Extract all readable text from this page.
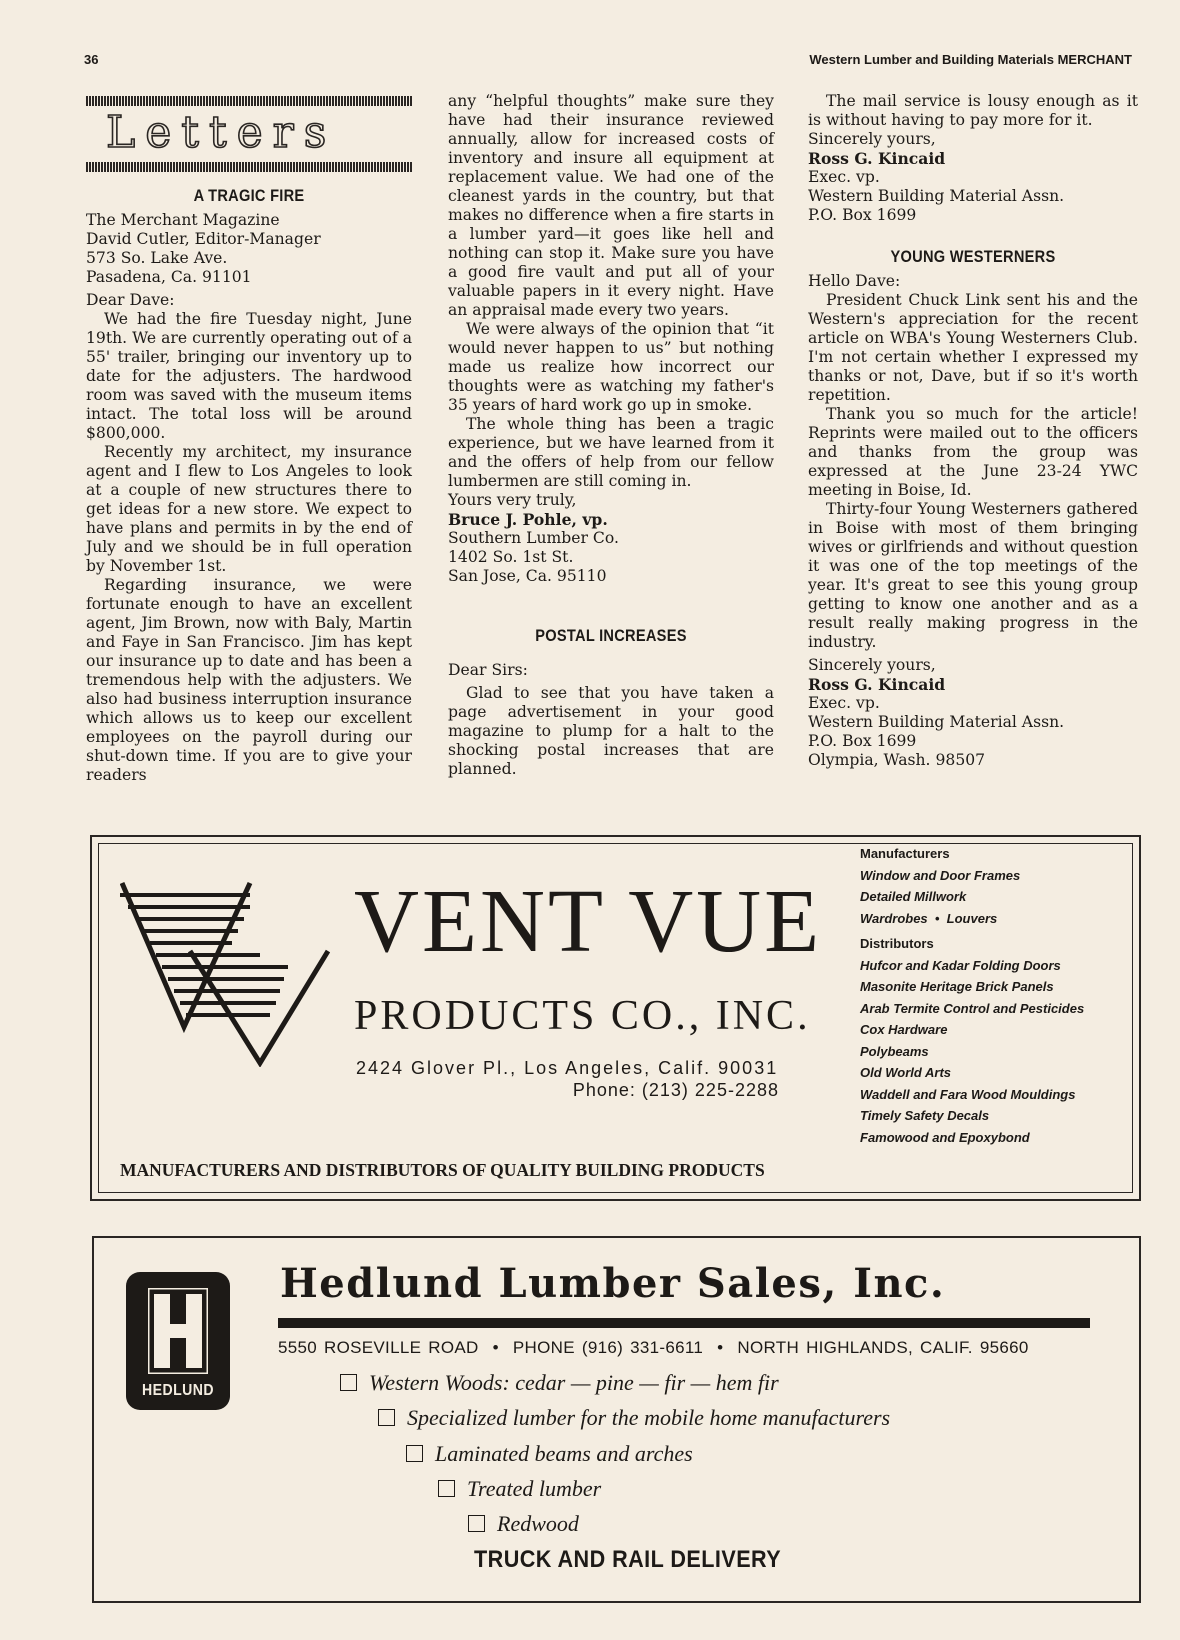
36	Western Lumber and Building Materials MERCHANT
Letters
A TRAGIC FIRE

The Merchant Magazine

David Cutler, Editor-Manager

573 So. Lake Ave.

Pasadena, Ca. 91101

Dear Dave:

We had the fire Tuesday night, June 19th. We are currently operating out of a 55' trailer, bringing our inventory up to date for the adjusters. The hardwood room was saved with the museum items intact. The total loss will be around $800,000.

Recently my architect, my insurance agent and I flew to Los Angeles to look at a couple of new structures there to get ideas for a new store. We expect to have plans and permits in by the end of July and we should be in full operation by November 1st.

Regarding insurance, we were fortunate enough to have an excellent agent, Jim Brown, now with Baly, Martin and Faye in San Francisco. Jim has kept our insurance up to date and has been a tremendous help with the adjusters. We also had business interruption insurance which allows us to keep our excellent employees on the payroll during our shut-down time. If you are to give your readers

any “helpful thoughts” make sure they have had their insurance reviewed annually, allow for increased costs of inventory and insure all equipment at replacement value. We had one of the cleanest yards in the country, but that makes no difference when a fire starts in a lumber yard—it goes like hell and nothing can stop it. Make sure you have a good fire vault and put all of your valuable papers in it every night. Have an appraisal made every two years.

We were always of the opinion that “it would never happen to us” but nothing made us realize how incorrect our thoughts were as watching my father's 35 years of hard work go up in smoke.

The whole thing has been a tragic experience, but we have learned from it and the offers of help from our fellow lumbermen are still coming in.

Yours very truly,

Bruce J. Pohle, vp.

Southern Lumber Co.

1402 So. 1st St.

San Jose, Ca. 95110

POSTAL INCREASES

Dear Sirs:

Glad to see that you have taken a page advertisement in your good magazine to plump for a halt to the shocking postal increases that are planned.

The mail service is lousy enough as it is without having to pay more for it.

Sincerely yours,

Ross G. Kincaid

Exec. vp.

Western Building Material Assn.

P.O. Box 1699

YOUNG WESTERNERS

Hello Dave:

President Chuck Link sent his and the Western's appreciation for the recent article on WBA's Young Westerners Club. I'm not certain whether I expressed my thanks or not, Dave, but if so it's worth repetition.

Thank you so much for the article! Reprints were mailed out to the officers and thanks from the group was expressed at the June 23-24 YWC meeting in Boise, Id.

Thirty-four Young Westerners gathered in Boise with most of them bringing wives or girlfriends and without question it was one of the top meetings of the year. It's great to see this young group getting to know one another and as a result really making progress in the industry.

Sincerely yours,

Ross G. Kincaid

Exec. vp.

Western Building Material Assn.

P.O. Box 1699

Olympia, Wash. 98507

VENT VUE
PRODUCTS CO., INC.
2424 Glover Pl., Los Angeles, Calif. 90031
Phone: (213) 225-2288
MANUFACTURERS AND DISTRIBUTORS OF QUALITY BUILDING PRODUCTS
Manufacturers
Window and Door Frames
Detailed Millwork
Wardrobes  •  Louvers
Distributors
Hufcor and Kadar Folding Doors
Masonite Heritage Brick Panels
Arab Termite Control and Pesticides
Cox Hardware
Polybeams
Old World Arts
Waddell and Fara Wood Mouldings
Timely Safety Decals
Famowood and Epoxybond
HEDLUND
Hedlund Lumber Sales, Inc.
5550 ROSEVILLE ROAD  •  PHONE (916) 331-6611  •  NORTH HIGHLANDS, CALIF. 95660
Western Woods: cedar — pine — fir — hem fir
Specialized lumber for the mobile home manufacturers
Laminated beams and arches
Treated lumber
Redwood
TRUCK AND RAIL DELIVERY
